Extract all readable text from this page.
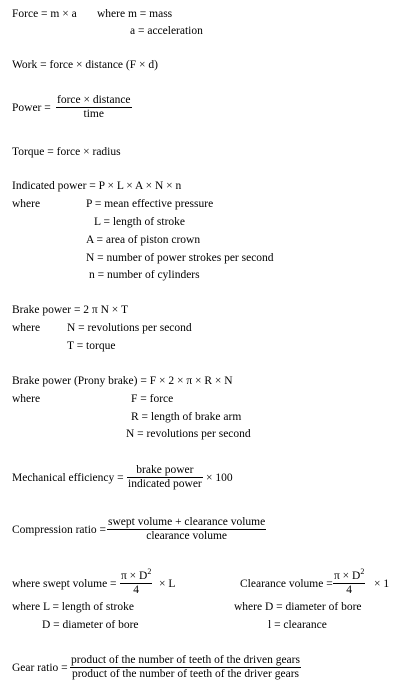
Force = m × a where m = mass
a = acceleration
Work = force × distance (F × d)
Power =
force × distance
time
Torque = force × radius
Indicated power = P × L × A × N × n
where	P = mean effective pressure
L = length of stroke
A = area of piston crown
N = number of power strokes per second
n = number of cylinders
Brake power = 2 π N × T
where N = revolutions per second
T = torque
Brake power (Prony brake) = F × 2 × π × R × N
where	F = force
R = length of brake arm
N = revolutions per second
Mechanical efficiency =
brake power
indicated power × 100
Compression ratio =
swept volume + clearance volume
clearance volume
where swept volume = $\frac{\pi \times D^2}{4} \times L$
where L = length of stroke
D = diameter of bore
Clearance volume = $\frac{\pi \times D^2}{4} \times 1$
where D = diameter of bore
l = clearance
Gear ratio =
product of the number of teeth of the driven gears
product of the number of teeth of the driver gears
